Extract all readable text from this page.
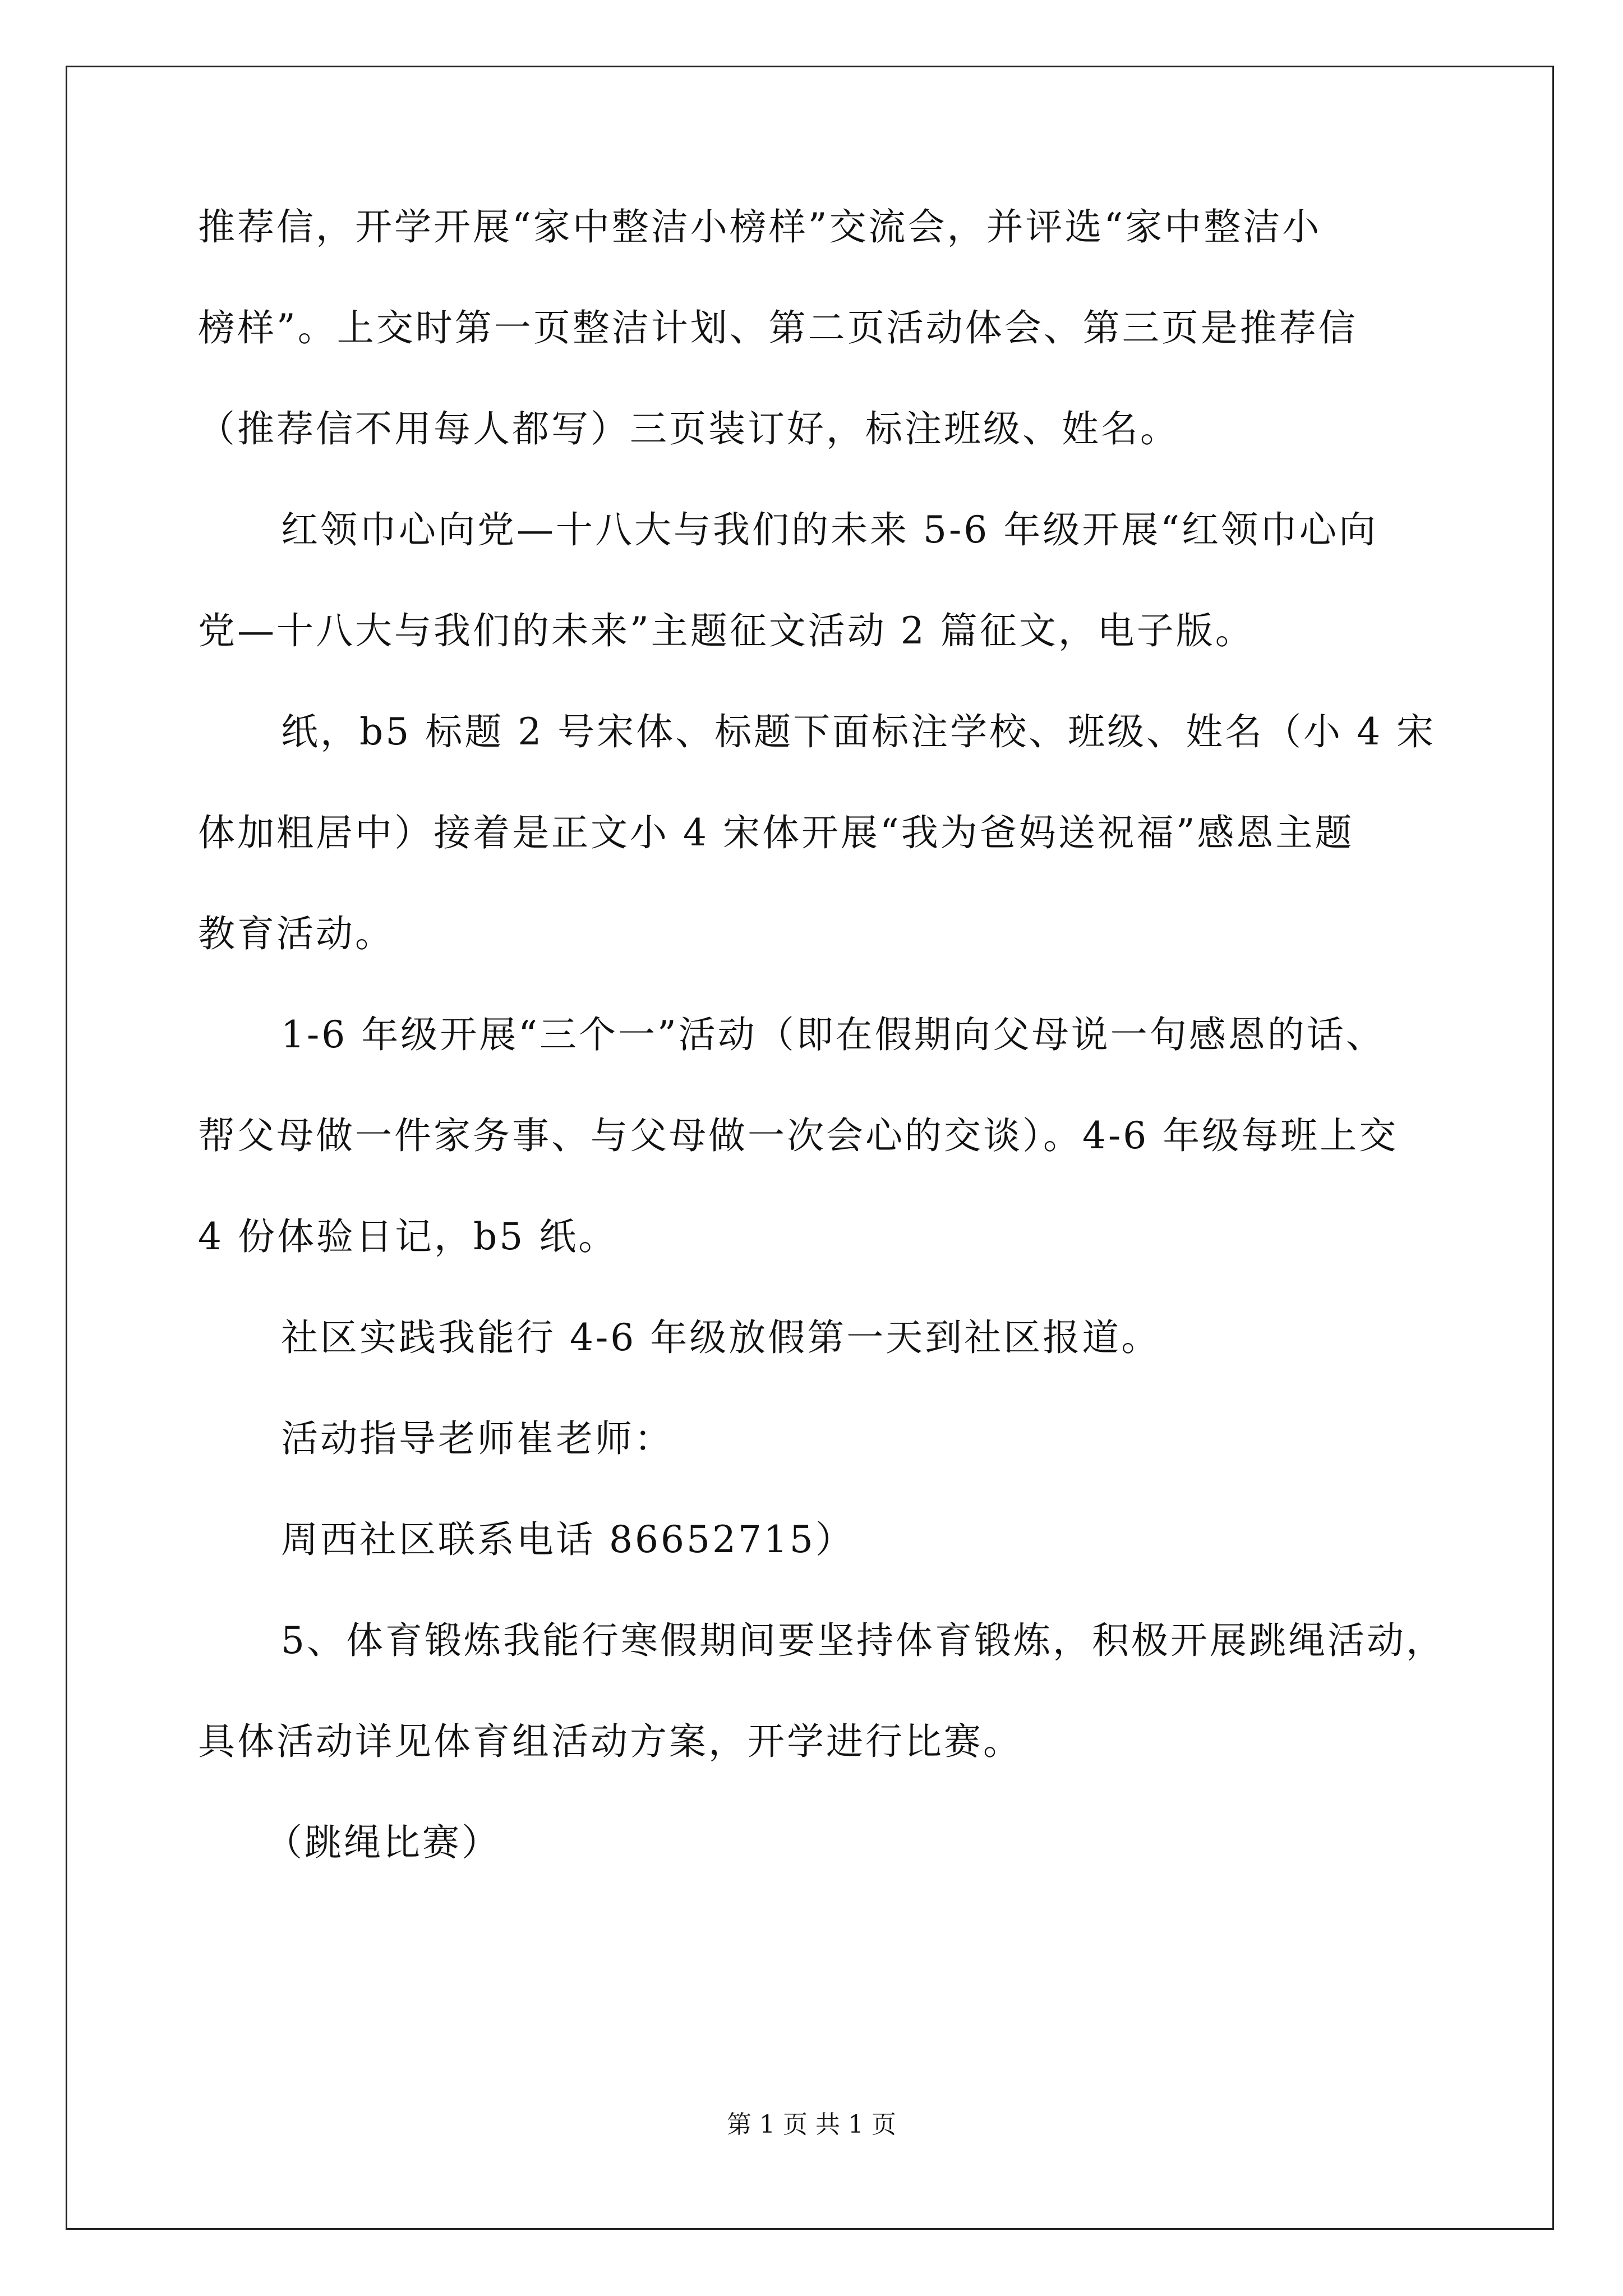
推荐信，开学开展“家中整洁小榜样”交流会，并评选“家中整洁小
榜样”。上交时第一页整洁计划、第二页活动体会、第三页是推荐信
（推荐信不用每人都写）三页装订好，标注班级、姓名。
红领巾心向党—十八大与我们的未来 5-6 年级开展“红领巾心向
党—十八大与我们的未来”主题征文活动 2 篇征文，电子版。
纸，b5 标题 2 号宋体、标题下面标注学校、班级、姓名（小 4 宋
体加粗居中）接着是正文小 4 宋体开展“我为爸妈送祝福”感恩主题
教育活动。
1-6 年级开展“三个一”活动（即在假期向父母说一句感恩的话、
帮父母做一件家务事、与父母做一次会心的交谈）。4-6 年级每班上交
4 份体验日记，b5 纸。
社区实践我能行 4-6 年级放假第一天到社区报道。
活动指导老师崔老师：
周西社区联系电话 86652715）
5、体育锻炼我能行寒假期间要坚持体育锻炼，积极开展跳绳活动，
具体活动详见体育组活动方案，开学进行比赛。
（跳绳比赛）
第 1 页 共 1 页
